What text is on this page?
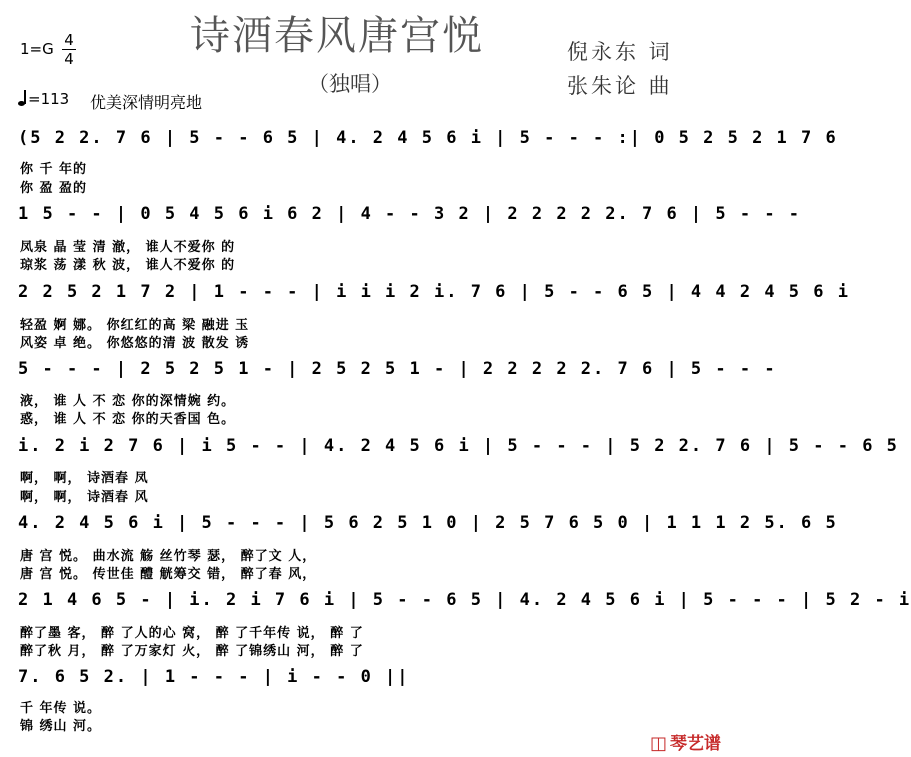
诗酒春风唐宫悦
（独唱）
倪永东 词
张朱论 曲
1=G 4
4
=113 优美深情明亮地
(5 2 2. 7 6 | 5 - - 6 5 | 4. 2 4 5 6 i | 5 - - - :| 0 5 2 5 2 1 7 6
你 千 年的
你 盈 盈的
1 5 - - | 0 5 4 5 6 i 6 2 | 4 - - 3 2 | 2 2 2 2 2. 7 6 | 5 - - -
凤泉 晶 莹 清 澈， 谁人不爱你 的
琼浆 荡 漾 秋 波， 谁人不爱你 的
2 2 5 2 1 7 2 | 1 - - - | i i i 2 i. 7 6 | 5 - - 6 5 | 4 4 2 4 5 6 i
轻盈 婀 娜。 你红红的高 梁 融进 玉
风姿 卓 绝。 你悠悠的清 波 散发 诱
5 - - - | 2 5 2 5 1 - | 2 5 2 5 1 - | 2 2 2 2 2. 7 6 | 5 - - -
液， 谁 人 不 恋 你的深情婉 约。
惑， 谁 人 不 恋 你的天香国 色。
i. 2 i 2 7 6 | i 5 - - | 4. 2 4 5 6 i | 5 - - - | 5 2 2. 7 6 | 5 - - 6 5
啊， 啊， 诗酒春 凤
啊， 啊， 诗酒春 风
4. 2 4 5 6 i | 5 - - - | 5 6 2 5 1 0 | 2 5 7 6 5 0 | 1 1 1 2 5. 6 5
唐 宫 悦。 曲水流 觞 丝竹琴 瑟， 醉了文 人，
唐 宫 悦。 传世佳 醴 觥筹交 错， 醉了春 风，
2 1 4 6 5 - | i. 2 i 7 6 i | 5 - - 6 5 | 4. 2 4 5 6 i | 5 - - - | 5 2 - i
醉了墨 客， 醉 了人的心 窝， 醉 了千年传 说， 醉 了
醉了秋 月， 醉 了万家灯 火， 醉 了锦绣山 河， 醉 了
7. 6 5 2. | 1 - - - | i - - 0 ||
千 年传 说。
锦 绣山 河。
◫ 琴艺谱
